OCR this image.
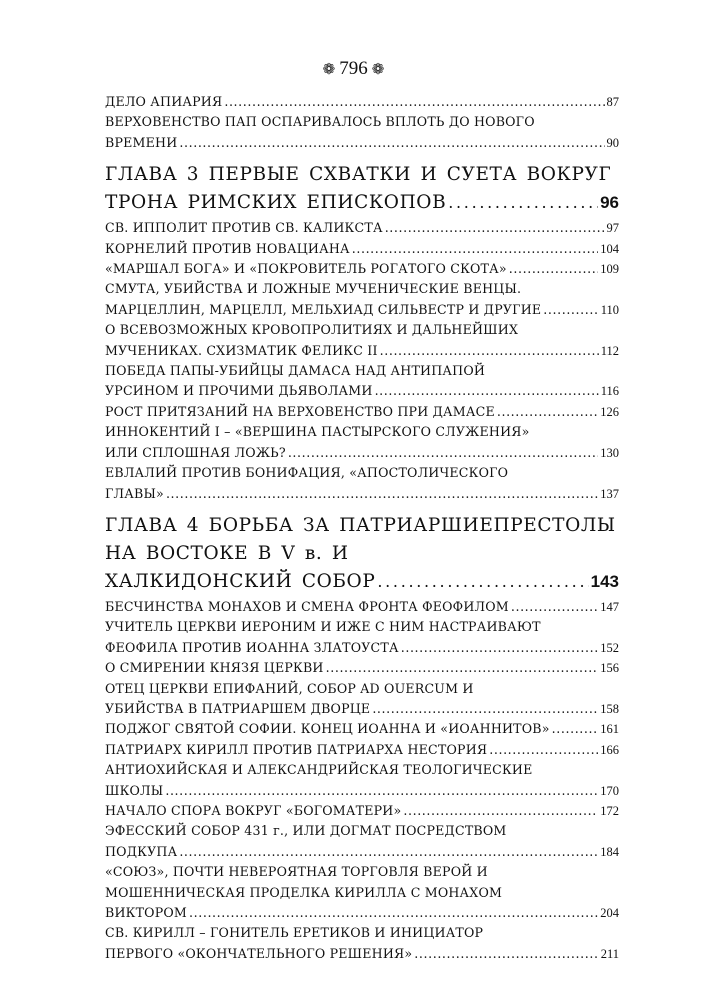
❁ 796 ❁
ДЕЛО АПИАРИЯ . . .	87
ВЕРХОВЕНСТВО ПАП ОСПАРИВАЛОСЬ ВПЛОТЬ ДО НОВОГО
ВРЕМЕНИ . . .	90
ГЛАВА 3 ПЕРВЫЕ СХВАТКИ И СУЕТА ВОКРУГ
ТРОНА РИМСКИХ ЕПИСКОПОВ . . .	96
СВ. ИППОЛИТ ПРОТИВ СВ. КАЛИКСТА . . .	97
КОРНЕЛИЙ ПРОТИВ НОВАЦИАНА . . .	104
«МАРШАЛ БОГА» И «ПОКРОВИТЕЛЬ РОГАТОГО СКОТА» . . .	109
СМУТА, УБИЙСТВА И ЛОЖНЫЕ МУЧЕНИЧЕСКИЕ ВЕНЦЫ.
МАРЦЕЛЛИН, МАРЦЕЛЛ, МЕЛЬХИАД СИЛЬВЕСТР И ДРУГИЕ . . .	110
О ВСЕВОЗМОЖНЫХ КРОВОПРОЛИТИЯХ И ДАЛЬНЕЙШИХ
МУЧЕНИКАХ. СХИЗМАТИК ФЕЛИКС II . . .	112
ПОБЕДА ПАПЫ-УБИЙЦЫ ДАМАСА НАД АНТИПАПОЙ
УРСИНОМ И ПРОЧИМИ ДЬЯВОЛАМИ . . .	116
РОСТ ПРИТЯЗАНИЙ НА ВЕРХОВЕНСТВО ПРИ ДАМАСЕ . . .	126
ИННОКЕНТИЙ I – «ВЕРШИНА ПАСТЫРСКОГО СЛУЖЕНИЯ»
ИЛИ СПЛОШНАЯ ЛОЖЬ? . . .	130
ЕВЛАЛИЙ ПРОТИВ БОНИФАЦИЯ, «АПОСТОЛИЧЕСКОГО
ГЛАВЫ» . . .	137
ГЛАВА 4 БОРЬБА ЗА ПАТРИАРШИЕПРЕСТОЛЫ НА ВОСТОКЕ В V в. И
ХАЛКИДОНСКИЙ СОБОР . . .	143
БЕСЧИНСТВА МОНАХОВ И СМЕНА ФРОНТА ФЕОФИЛОМ . . .	147
УЧИТЕЛЬ ЦЕРКВИ ИЕРОНИМ И ИЖЕ С НИМ НАСТРАИВАЮТ
ФЕОФИЛА ПРОТИВ ИОАННА ЗЛАТОУСТА . . .	152
О СМИРЕНИИ КНЯЗЯ ЦЕРКВИ . . .	156
ОТЕЦ ЦЕРКВИ ЕПИФАНИЙ, СОБОР AD OUERCUM И
УБИЙСТВА В ПАТРИАРШЕМ ДВОРЦЕ . . .	158
ПОДЖОГ СВЯТОЙ СОФИИ. КОНЕЦ ИОАННА И «ИОАННИТОВ» . . .	161
ПАТРИАРХ КИРИЛЛ ПРОТИВ ПАТРИАРХА НЕСТОРИЯ . . .	166
АНТИОХИЙСКАЯ И АЛЕКСАНДРИЙСКАЯ ТЕОЛОГИЧЕСКИЕ
ШКОЛЫ . . .	170
НАЧАЛО СПОРА ВОКРУГ «БОГОМАТЕРИ» . . .	172
ЭФЕССКИЙ СОБОР 431 г., ИЛИ ДОГМАТ ПОСРЕДСТВОМ
ПОДКУПА . . .	184
«СОЮЗ», ПОЧТИ НЕВЕРОЯТНАЯ ТОРГОВЛЯ ВЕРОЙ И
МОШЕННИЧЕСКАЯ ПРОДЕЛКА КИРИЛЛА С МОНАХОМ
ВИКТОРОМ . . .	204
СВ. КИРИЛЛ – ГОНИТЕЛЬ ЕРЕТИКОВ И ИНИЦИАТОР
ПЕРВОГО «ОКОНЧАТЕЛЬНОГО РЕШЕНИЯ» . . .	211
